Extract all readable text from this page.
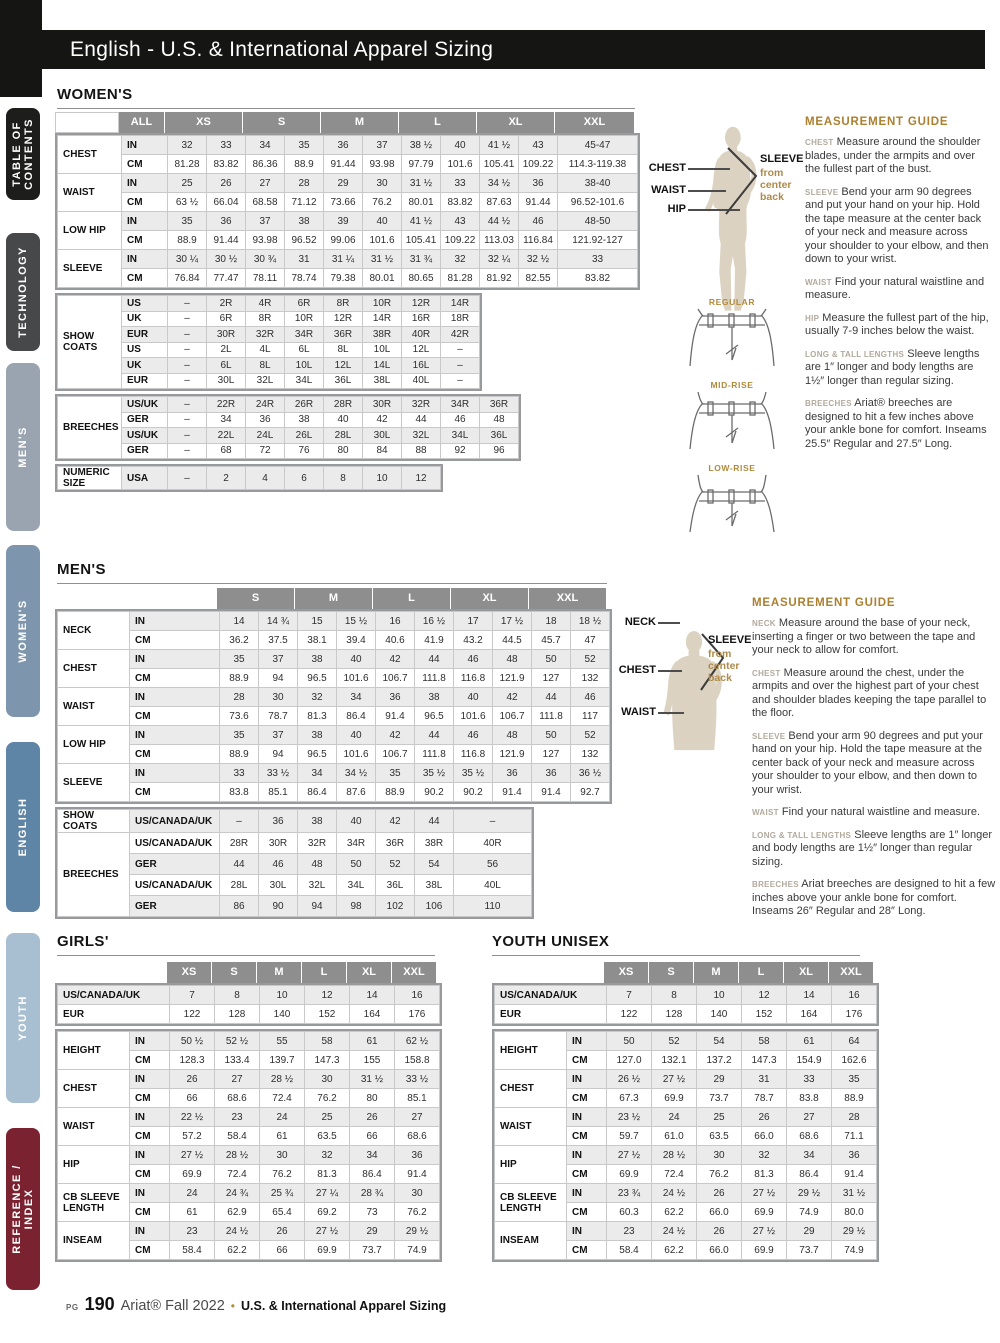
English - U.S. & International Apparel Sizing
TABLE OF CONTENTS
TECHNOLOGY
MEN'S
WOMEN'S
ENGLISH
YOUTH
REFERENCE / INDEX
WOMEN'S
ALL	XS	S	M	L	XL	XXL
CHEST	IN	32	33	34	35	36	37	38 ½	40	41 ½	43	45-47
	CM	81.28	83.82	86.36	88.9	91.44	93.98	97.79	101.6	105.41	109.22	114.3-119.38
WAIST	IN	25	26	27	28	29	30	31 ½	33	34 ½	36	38-40
	CM	63 ½	66.04	68.58	71.12	73.66	76.2	80.01	83.82	87.63	91.44	96.52-101.6
LOW HIP	IN	35	36	37	38	39	40	41 ½	43	44 ½	46	48-50
	CM	88.9	91.44	93.98	96.52	99.06	101.6	105.41	109.22	113.03	116.84	121.92-127
SLEEVE	IN	30 ¼	30 ½	30 ¾	31	31 ¼	31 ½	31 ¾	32	32 ¼	32 ½	33
	CM	76.84	77.47	78.11	78.74	79.38	80.01	80.65	81.28	81.92	82.55	83.82
SHOW COATS	US	–	2R	4R	6R	8R	10R	12R	14R
	UK	–	6R	8R	10R	12R	14R	16R	18R
	EUR	–	30R	32R	34R	36R	38R	40R	42R
	US	–	2L	4L	6L	8L	10L	12L	–
	UK	–	6L	8L	10L	12L	14L	16L	–
	EUR	–	30L	32L	34L	36L	38L	40L	–
BREECHES	US/UK	–	22R	24R	26R	28R	30R	32R	34R	36R
	GER	–	34	36	38	40	42	44	46	48
	US/UK	–	22L	24L	26L	28L	30L	32L	34L	36L
	GER	–	68	72	76	80	84	88	92	96
NUMERIC SIZE	USA	–	2	4	6	8	10	12
CHEST
WAIST
HIP
SLEEVE
from center back
REGULAR
MID-RISE
LOW-RISE
MEASUREMENT GUIDE

CHEST Measure around the shoulder blades, under the armpits and over the fullest part of the bust.

SLEEVE Bend your arm 90 degrees and put your hand on your hip. Hold the tape measure at the center back of your neck and measure across your shoulder to your elbow, and then down to your wrist.

WAIST Find your natural waistline and measure.

HIP Measure the fullest part of the hip, usually 7-9 inches below the waist.

LONG & TALL LENGTHS Sleeve lengths are 1″ longer and body lengths are 1½″ longer than regular sizing.

BREECHES Ariat® breeches are designed to hit a few inches above your ankle bone for comfort. Inseams 25.5″ Regular and 27.5″ Long.

MEN'S
S	M	L	XL	XXL
NECK	IN	14	14 ¾	15	15 ½	16	16 ½	17	17 ½	18	18 ½
	CM	36.2	37.5	38.1	39.4	40.6	41.9	43.2	44.5	45.7	47
CHEST	IN	35	37	38	40	42	44	46	48	50	52
	CM	88.9	94	96.5	101.6	106.7	111.8	116.8	121.9	127	132
WAIST	IN	28	30	32	34	36	38	40	42	44	46
	CM	73.6	78.7	81.3	86.4	91.4	96.5	101.6	106.7	111.8	117
LOW HIP	IN	35	37	38	40	42	44	46	48	50	52
	CM	88.9	94	96.5	101.6	106.7	111.8	116.8	121.9	127	132
SLEEVE	IN	33	33 ½	34	34 ½	35	35 ½	35 ½	36	36	36 ½
	CM	83.8	85.1	86.4	87.6	88.9	90.2	90.2	91.4	91.4	92.7
SHOW COATS	US/CANADA/UK	–	36	38	40	42	44	–
BREECHES	US/CANADA/UK	28R	30R	32R	34R	36R	38R	40R
	GER	44	46	48	50	52	54	56
	US/CANADA/UK	28L	30L	32L	34L	36L	38L	40L
	GER	86	90	94	98	102	106	110
NECK
CHEST
WAIST
SLEEVE
from center back
MEASUREMENT GUIDE

NECK Measure around the base of your neck, inserting a finger or two between the tape and your neck to allow for comfort.

CHEST Measure around the chest, under the armpits and over the highest part of your chest and shoulder blades keeping the tape parallel to the floor.

SLEEVE Bend your arm 90 degrees and put your hand on your hip. Hold the tape measure at the center back of your neck and measure across your shoulder to your elbow, and then down to your wrist.

WAIST Find your natural waistline and measure.

LONG & TALL LENGTHS Sleeve lengths are 1″ longer and body lengths are 1½″ longer than regular sizing.

BREECHES Ariat breeches are designed to hit a few inches above your ankle bone for comfort. Inseams 26″ Regular and 28″ Long.

GIRLS'
XS	S	M	L	XL	XXL
US/CANADA/UK	7	8	10	12	14	16
EUR	122	128	140	152	164	176
HEIGHT	IN	50 ½	52 ½	55	58	61	62 ½
	CM	128.3	133.4	139.7	147.3	155	158.8
CHEST	IN	26	27	28 ½	30	31 ½	33 ½
	CM	66	68.6	72.4	76.2	80	85.1
WAIST	IN	22 ½	23	24	25	26	27
	CM	57.2	58.4	61	63.5	66	68.6
HIP	IN	27 ½	28 ½	30	32	34	36
	CM	69.9	72.4	76.2	81.3	86.4	91.4
CB SLEEVE LENGTH	IN	24	24 ¾	25 ¾	27 ¼	28 ¾	30
	CM	61	62.9	65.4	69.2	73	76.2
INSEAM	IN	23	24 ½	26	27 ½	29	29 ½
	CM	58.4	62.2	66	69.9	73.7	74.9
YOUTH UNISEX
XS	S	M	L	XL	XXL
US/CANADA/UK	7	8	10	12	14	16
EUR	122	128	140	152	164	176
HEIGHT	IN	50	52	54	58	61	64
	CM	127.0	132.1	137.2	147.3	154.9	162.6
CHEST	IN	26 ½	27 ½	29	31	33	35
	CM	67.3	69.9	73.7	78.7	83.8	88.9
WAIST	IN	23 ½	24	25	26	27	28
	CM	59.7	61.0	63.5	66.0	68.6	71.1
HIP	IN	27 ½	28 ½	30	32	34	36
	CM	69.9	72.4	76.2	81.3	86.4	91.4
CB SLEEVE LENGTH	IN	23 ¾	24 ½	26	27 ½	29 ½	31 ½
	CM	60.3	62.2	66.0	69.9	74.9	80.0
INSEAM	IN	23	24 ½	26	27 ½	29	29 ½
	CM	58.4	62.2	66.0	69.9	73.7	74.9
PG 190 Ariat® Fall 2022 • U.S. & International Apparel Sizing
